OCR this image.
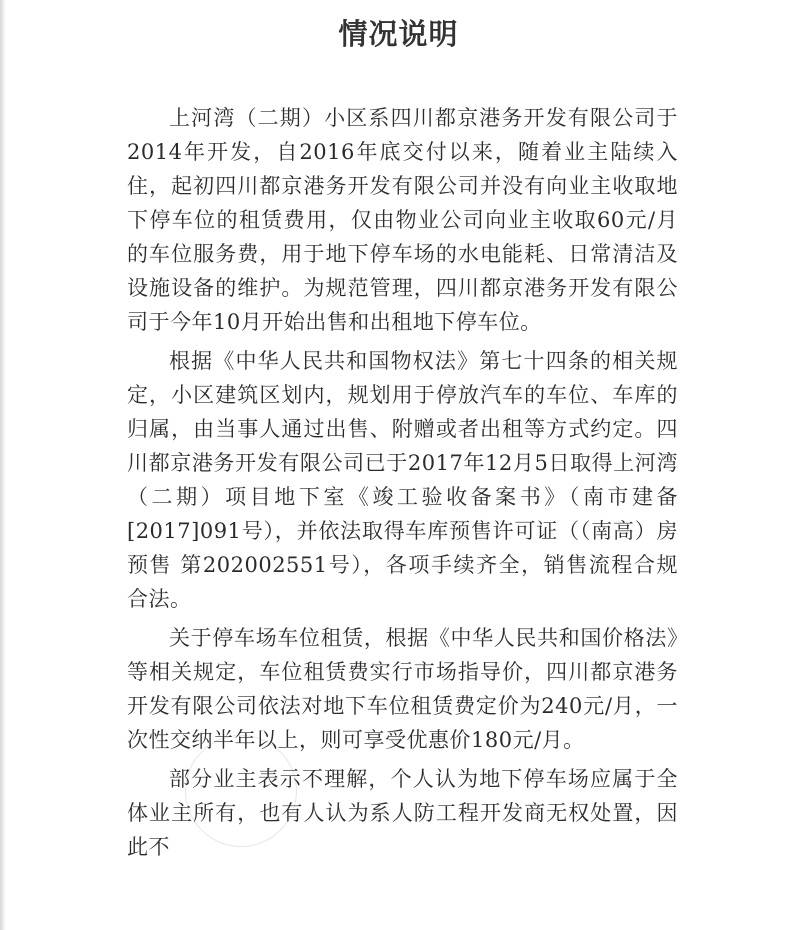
情况说明

上河湾（二期）小区系四川都京港务开发有限公司于2014年开发，自2016年底交付以来，随着业主陆续入住，起初四川都京港务开发有限公司并没有向业主收取地下停车位的租赁费用，仅由物业公司向业主收取60元/月的车位服务费，用于地下停车场的水电能耗、日常清洁及设施设备的维护。为规范管理，四川都京港务开发有限公司于今年10月开始出售和出租地下停车位。

根据《中华人民共和国物权法》第七十四条的相关规定，小区建筑区划内，规划用于停放汽车的车位、车库的归属，由当事人通过出售、附赠或者出租等方式约定。四川都京港务开发有限公司已于2017年12月5日取得上河湾（二期）项目地下室《竣工验收备案书》（南市建备[2017]091号），并依法取得车库预售许可证（（南高）房预售 第202002551号），各项手续齐全，销售流程合规合法。

关于停车场车位租赁，根据《中华人民共和国价格法》等相关规定，车位租赁费实行市场指导价，四川都京港务开发有限公司依法对地下车位租赁费定价为240元/月，一次性交纳半年以上，则可享受优惠价180元/月。

部分业主表示不理解，个人认为地下停车场应属于全体业主所有，也有人认为系人防工程开发商无权处置，因此不
